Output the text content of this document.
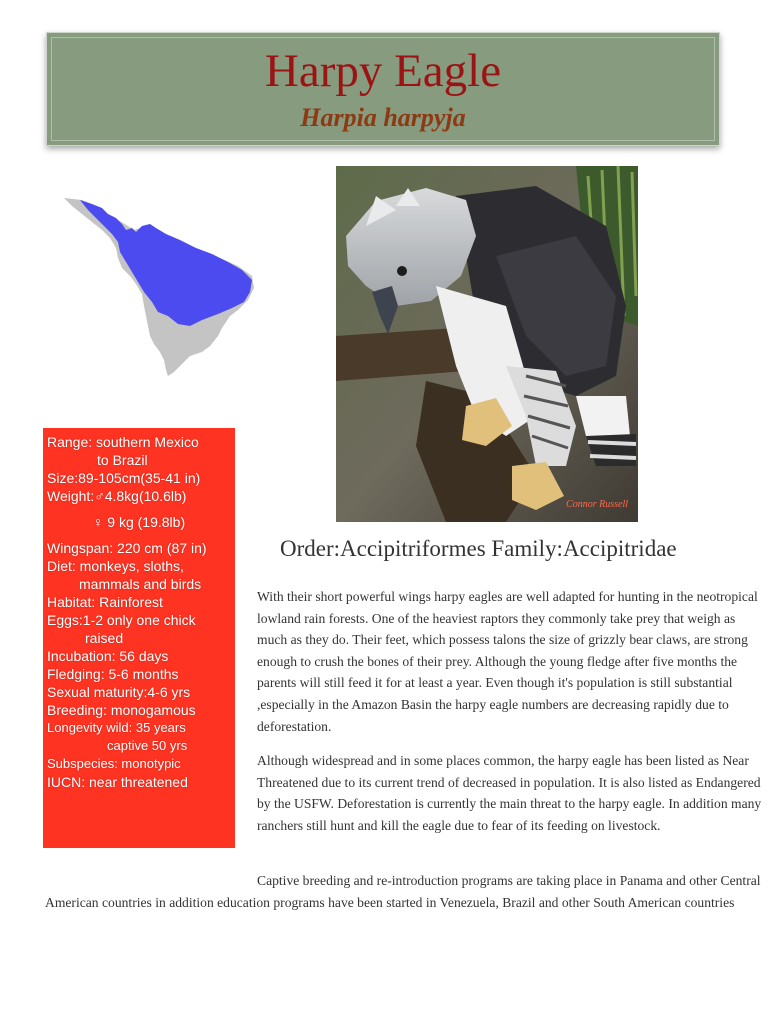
Harpy Eagle
Harpia harpyja
Connor Russell
Range: southern Mexico
to Brazil
Size:89-105cm(35-41 in)
Weight:♂4.8kg(10.6lb)
♀ 9 kg (19.8lb)
Wingspan: 220 cm (87 in)
Diet: monkeys, sloths,
mammals and birds
Habitat: Rainforest
Eggs:1-2 only one chick
raised
Incubation: 56 days
Fledging: 5-6 months
Sexual maturity:4-6 yrs
Breeding: monogamous
Longevity wild: 35 years
captive 50 yrs
Subspecies: monotypic
IUCN: near threatened
Order:Accipitriformes Family:Accipitridae
With their short powerful wings harpy eagles are well adapted for hunting in the neotropical lowland rain forests. One of the heaviest raptors they commonly take prey that weigh as much as they do. Their feet, which possess talons the size of grizzly bear claws, are strong enough to crush the bones of their prey. Although the young fledge after five months the parents will still feed it for at least a year. Even though it's population is still substantial ,especially in the Amazon Basin the harpy eagle numbers are decreasing rapidly due to deforestation.
Although widespread and in some places common, the harpy eagle has been listed as Near Threatened due to its current trend of decreased in population. It is also listed as Endangered by the USFW. Deforestation is currently the main threat to the harpy eagle. In addition many ranchers still hunt and kill the eagle due to fear of its feeding on livestock.
Captive breeding and re-introduction programs are taking place in Panama and other Central American countries in addition education programs have been started in Venezuela, Brazil and other South American countries
